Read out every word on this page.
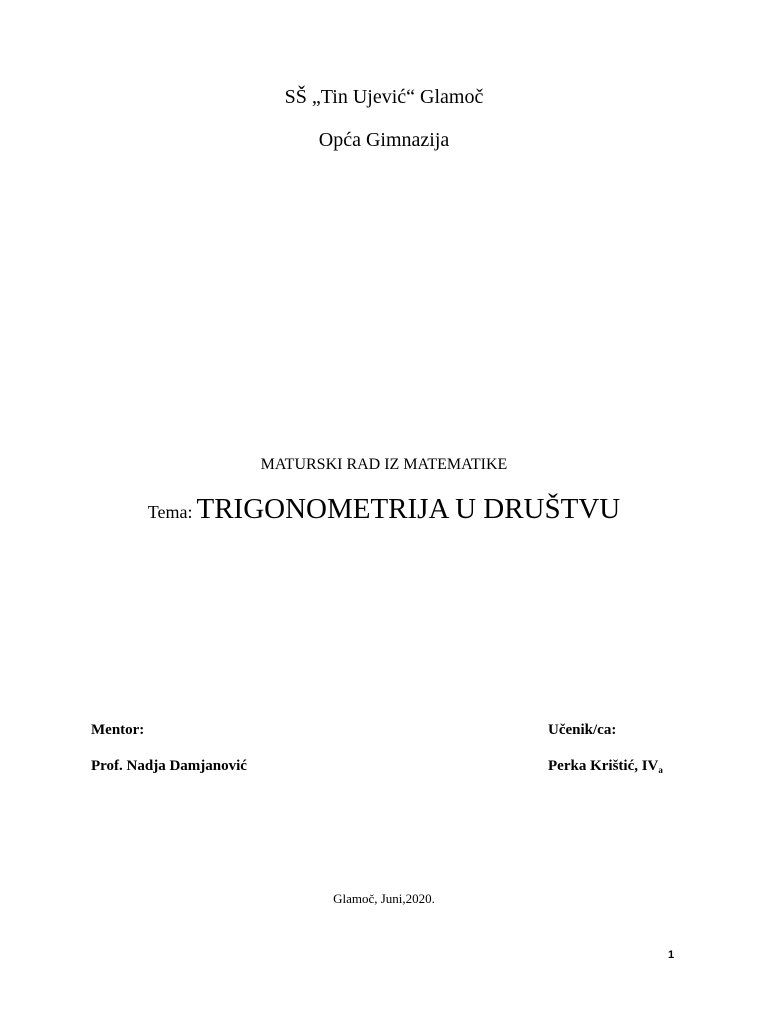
SŠ „Tin Ujević“ Glamoč
Opća Gimnazija
MATURSKI RAD IZ MATEMATIKE
Tema: TRIGONOMETRIJA U DRUŠTVU
Mentor:
Prof. Nadja Damjanović
Učenik/ca:
Perka Krištić, $IV_a$
Glamoč, Juni,2020.
1
